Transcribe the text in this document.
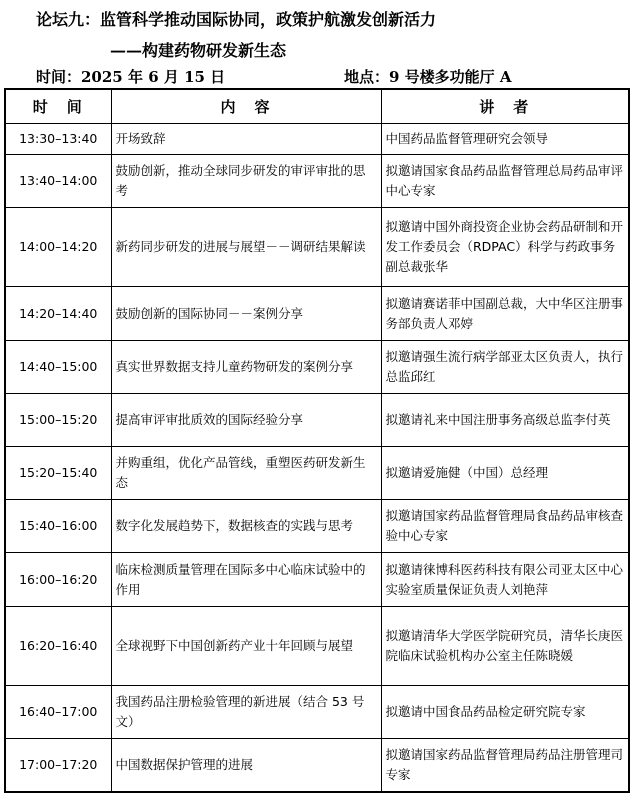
论坛九：监管科学推动国际协同，政策护航激发创新活力
——构建药物研发新生态
时间：2025 年 6 月 15 日	地点：9 号楼多功能厅 A
时　间	内　容	讲　者
13:30–13:40	开场致辞	中国药品监督管理研究会领导
13:40–14:00	鼓励创新，推动全球同步研发的审评审批的思考	拟邀请国家食品药品监督管理总局药品审评中心专家
14:00–14:20	新药同步研发的进展与展望－－调研结果解读	拟邀请中国外商投资企业协会药品研制和开发工作委员会（RDPAC）科学与药政事务副总裁张华
14:20–14:40	鼓励创新的国际协同－－案例分享	拟邀请赛诺菲中国副总裁，大中华区注册事务部负责人邓婷
14:40–15:00	真实世界数据支持儿童药物研发的案例分享	拟邀请强生流行病学部亚太区负责人，执行总监邱红
15:00–15:20	提高审评审批质效的国际经验分享	拟邀请礼来中国注册事务高级总监李付英
15:20–15:40	并购重组，优化产品管线，重塑医药研发新生态	拟邀请爱施健（中国）总经理
15:40–16:00	数字化发展趋势下，数据核查的实践与思考	拟邀请国家药品监督管理局食品药品审核查验中心专家
16:00–16:20	临床检测质量管理在国际多中心临床试验中的作用	拟邀请徕博科医药科技有限公司亚太区中心实验室质量保证负责人刘艳萍
16:20–16:40	全球视野下中国创新药产业十年回顾与展望	拟邀请清华大学医学院研究员，清华长庚医院临床试验机构办公室主任陈晓媛
16:40–17:00	我国药品注册检验管理的新进展（结合 53 号文）	拟邀请中国食品药品检定研究院专家
17:00–17:20	中国数据保护管理的进展	拟邀请国家药品监督管理局药品注册管理司专家
